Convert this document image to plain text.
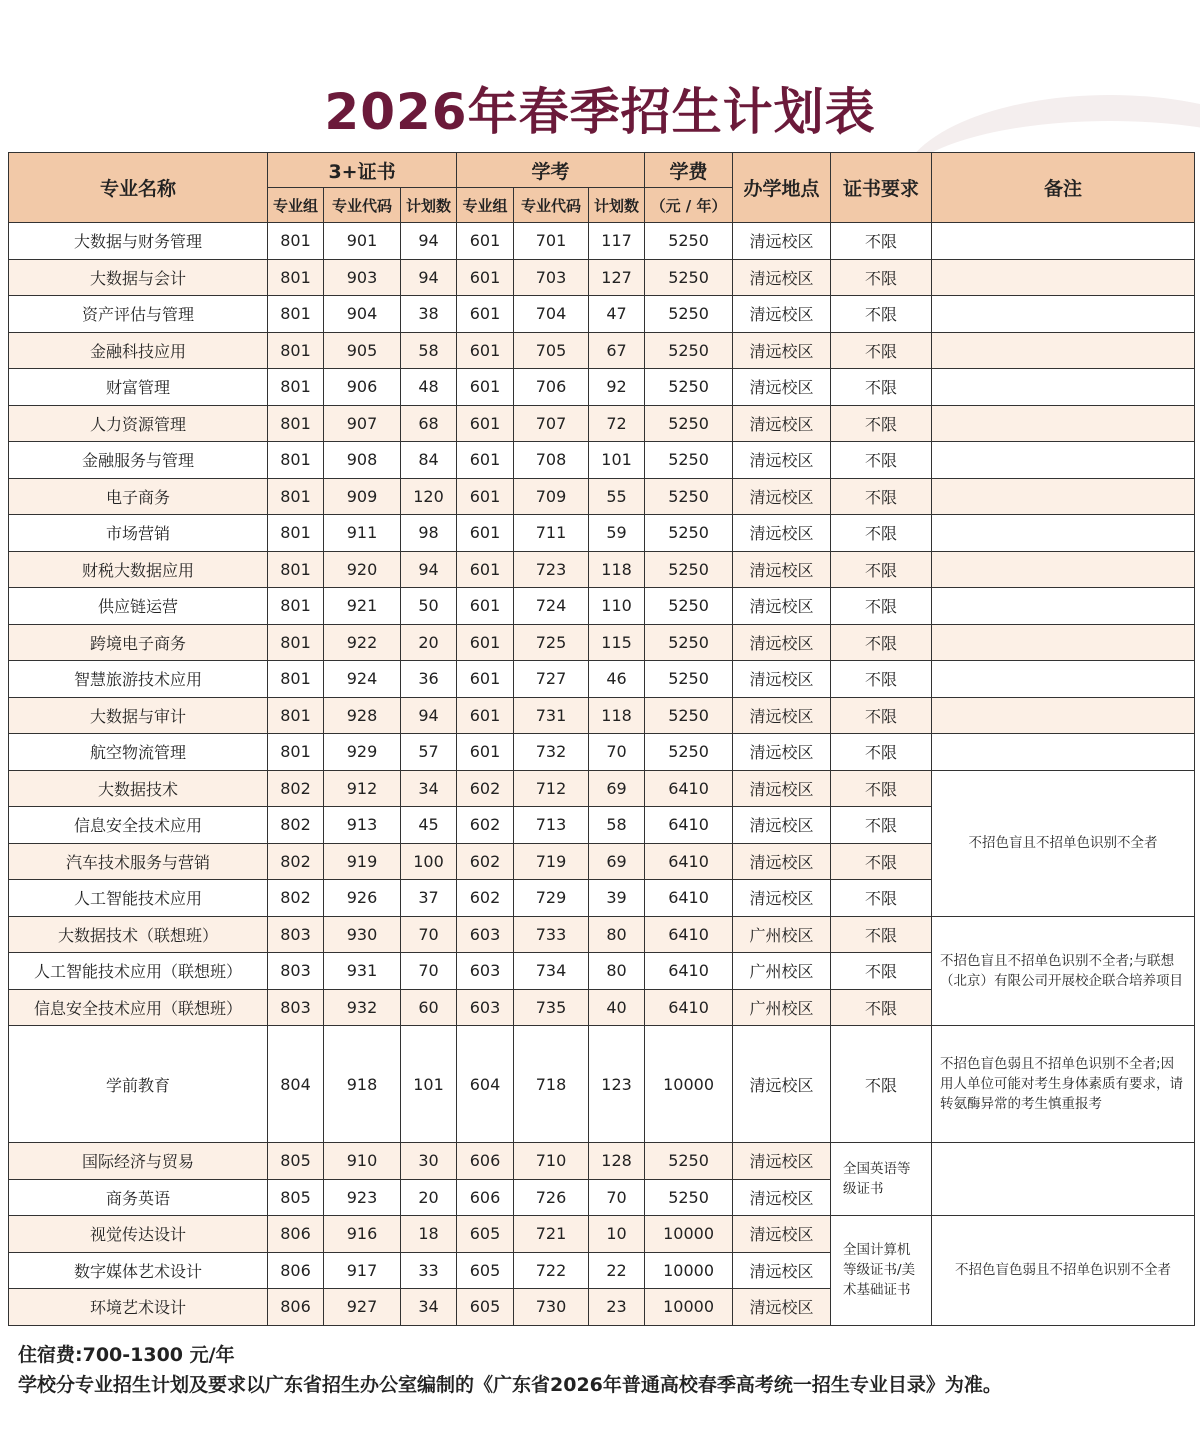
2026年春季招生计划表
专业名称	3+证书			学考			学费	办学地点	证书要求	备注
	专业组	专业代码	计划数	专业组	专业代码	计划数	（元 / 年）			
大数据与财务管理	801	901	94	601	701	117	5250	清远校区	不限	
大数据与会计	801	903	94	601	703	127	5250	清远校区	不限	
资产评估与管理	801	904	38	601	704	47	5250	清远校区	不限	
金融科技应用	801	905	58	601	705	67	5250	清远校区	不限	
财富管理	801	906	48	601	706	92	5250	清远校区	不限	
人力资源管理	801	907	68	601	707	72	5250	清远校区	不限	
金融服务与管理	801	908	84	601	708	101	5250	清远校区	不限	
电子商务	801	909	120	601	709	55	5250	清远校区	不限	
市场营销	801	911	98	601	711	59	5250	清远校区	不限	
财税大数据应用	801	920	94	601	723	118	5250	清远校区	不限	
供应链运营	801	921	50	601	724	110	5250	清远校区	不限	
跨境电子商务	801	922	20	601	725	115	5250	清远校区	不限	
智慧旅游技术应用	801	924	36	601	727	46	5250	清远校区	不限	
大数据与审计	801	928	94	601	731	118	5250	清远校区	不限	
航空物流管理	801	929	57	601	732	70	5250	清远校区	不限	
大数据技术	802	912	34	602	712	69	6410	清远校区	不限	不招色盲且不招单色识别不全者
信息安全技术应用	802	913	45	602	713	58	6410	清远校区	不限	
汽车技术服务与营销	802	919	100	602	719	69	6410	清远校区	不限	
人工智能技术应用	802	926	37	602	729	39	6410	清远校区	不限	
大数据技术（联想班）	803	930	70	603	733	80	6410	广州校区	不限	不招色盲且不招单色识别不全者;与联想（北京）有限公司开展校企联合培养项目
人工智能技术应用（联想班）	803	931	70	603	734	80	6410	广州校区	不限	
信息安全技术应用（联想班）	803	932	60	603	735	40	6410	广州校区	不限	
学前教育	804	918	101	604	718	123	10000	清远校区	不限	不招色盲色弱且不招单色识别不全者;因用人单位可能对考生身体素质有要求，请转氨酶异常的考生慎重报考
国际经济与贸易	805	910	30	606	710	128	5250	清远校区	全国英语等级证书	
商务英语	805	923	20	606	726	70	5250	清远校区		
视觉传达设计	806	916	18	605	721	10	10000	清远校区	全国计算机等级证书/美术基础证书	不招色盲色弱且不招单色识别不全者
数字媒体艺术设计	806	917	33	605	722	22	10000	清远校区		
环境艺术设计	806	927	34	605	730	23	10000	清远校区		
住宿费:700-1300 元/年
学校分专业招生计划及要求以广东省招生办公室编制的《广东省2026年普通高校春季高考统一招生专业目录》为准。
